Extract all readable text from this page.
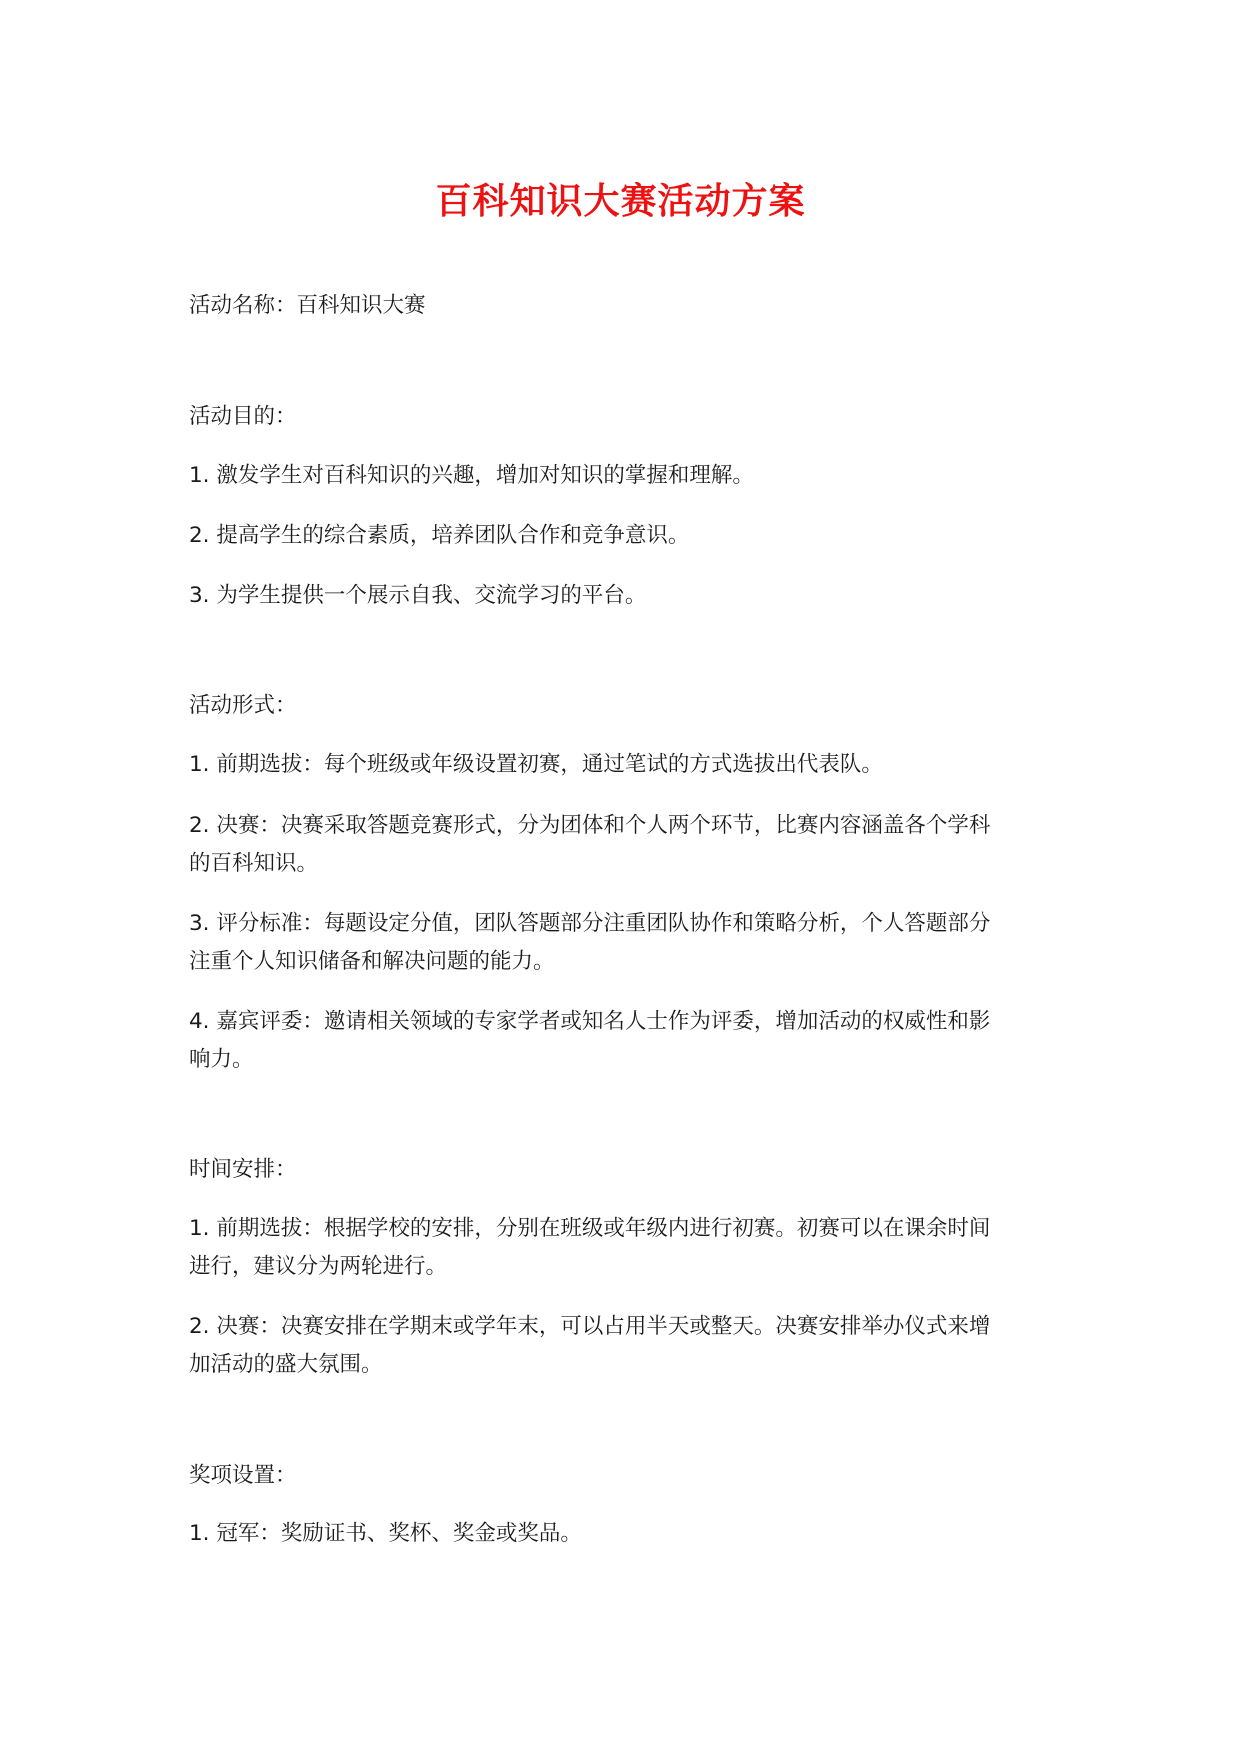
百科知识大赛活动方案
活动名称：百科知识大赛
活动目的：
1. 激发学生对百科知识的兴趣，增加对知识的掌握和理解。
2. 提高学生的综合素质，培养团队合作和竞争意识。
3. 为学生提供一个展示自我、交流学习的平台。
活动形式：
1. 前期选拔：每个班级或年级设置初赛，通过笔试的方式选拔出代表队。
2. 决赛：决赛采取答题竞赛形式，分为团体和个人两个环节，比赛内容涵盖各个学科
的百科知识。
3. 评分标准：每题设定分值，团队答题部分注重团队协作和策略分析，个人答题部分
注重个人知识储备和解决问题的能力。
4. 嘉宾评委：邀请相关领域的专家学者或知名人士作为评委，增加活动的权威性和影
响力。
时间安排：
1. 前期选拔：根据学校的安排，分别在班级或年级内进行初赛。初赛可以在课余时间
进行，建议分为两轮进行。
2. 决赛：决赛安排在学期末或学年末，可以占用半天或整天。决赛安排举办仪式来增
加活动的盛大氛围。
奖项设置：
1. 冠军：奖励证书、奖杯、奖金或奖品。
